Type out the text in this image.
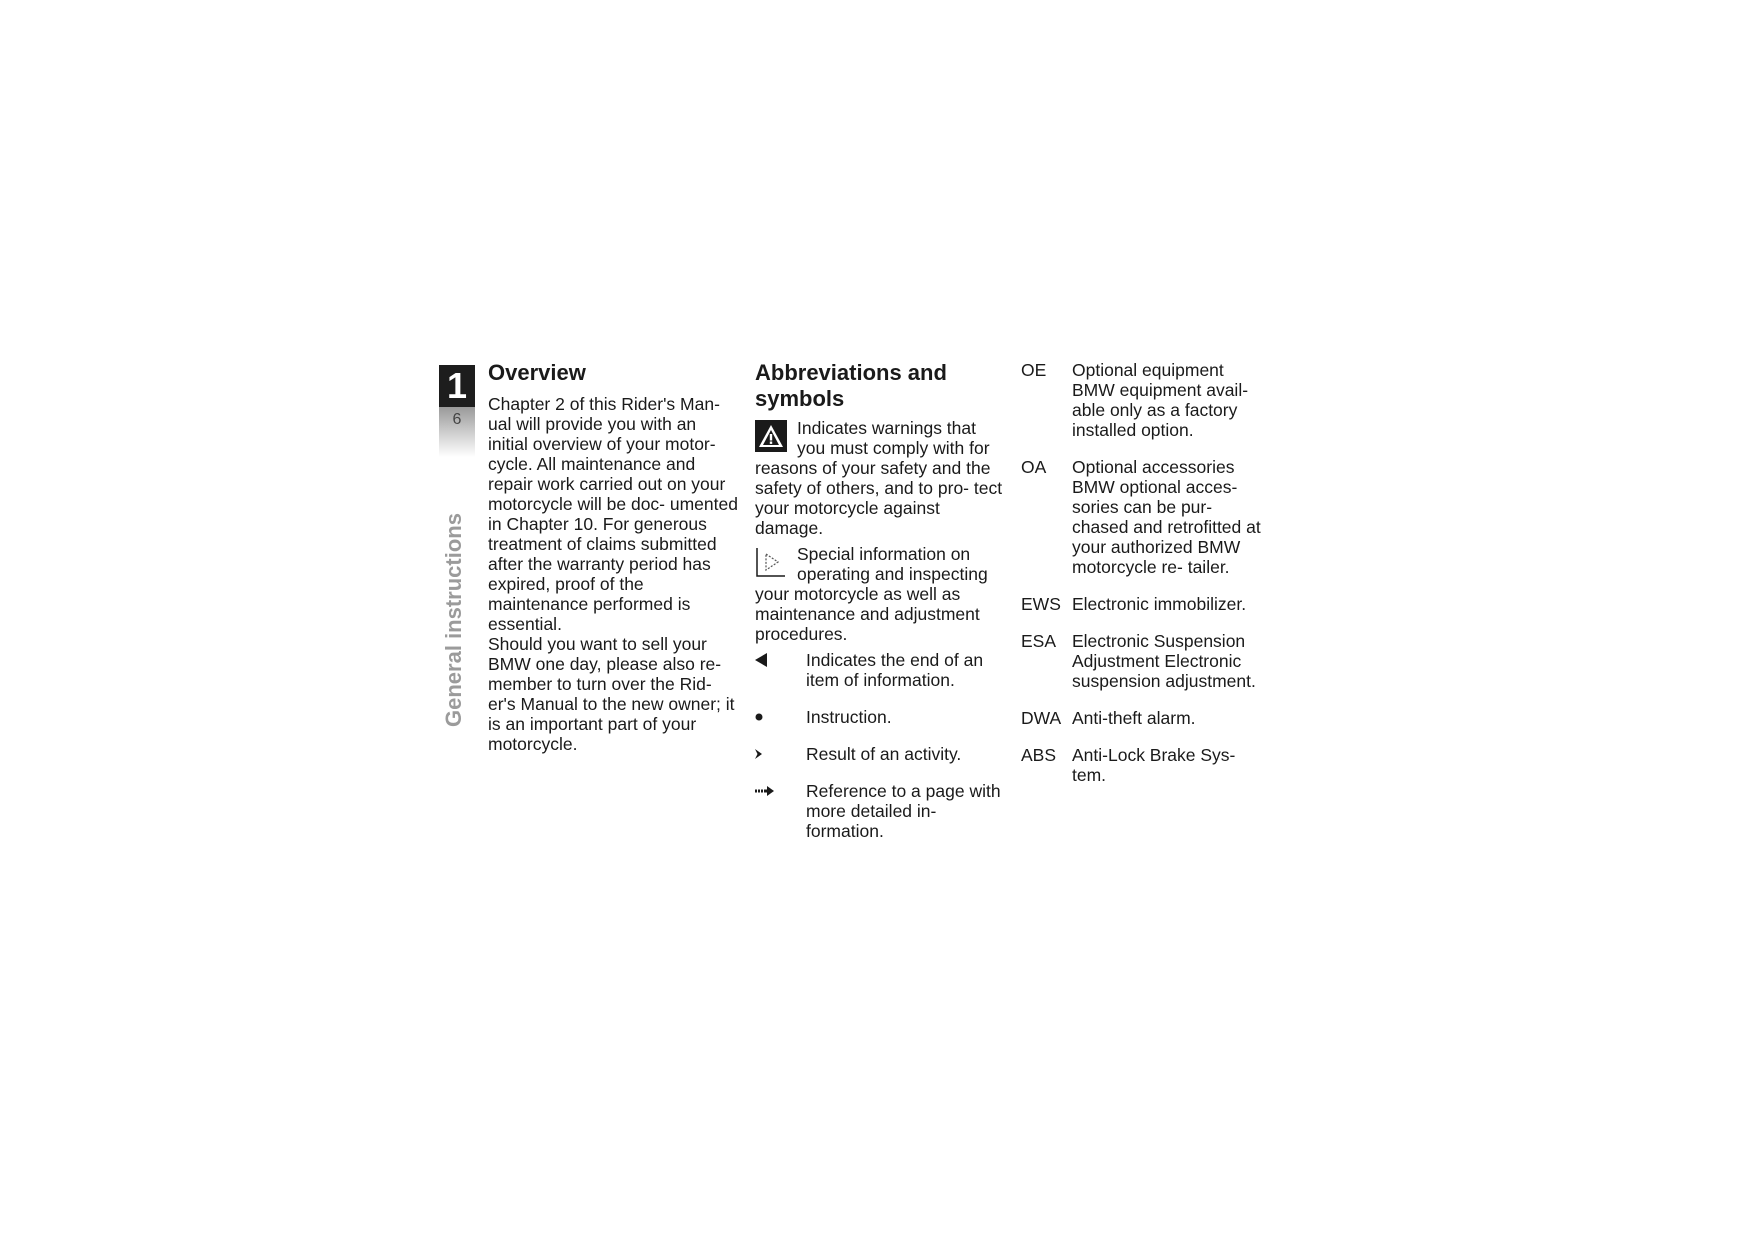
1
6
General instructions
Overview

Chapter 2 of this Rider's Man- ual will provide you with an initial overview of your motor- cycle. All maintenance and repair work carried out on your motorcycle will be doc- umented in Chapter 10. For generous treatment of claims submitted after the warranty period has expired, proof of the maintenance performed is essential.

Should you want to sell your BMW one day, please also re- member to turn over the Rid- er's Manual to the new owner; it is an important part of your motorcycle.

Abbreviations and symbols

Indicates warnings that you must comply with for reasons of your safety and the safety of others, and to pro- tect your motorcycle against damage.

Special information on operating and inspecting your motorcycle as well as maintenance and adjustment procedures.

Indicates the end of an item of information.
Instruction.
Result of an activity.
Reference to a page with more detailed in- formation.
OE	Optional equipment BMW equipment avail- able only as a factory installed option.
OA	Optional accessories BMW optional acces- sories can be pur- chased and retrofitted at your authorized BMW motorcycle re- tailer.
EWS Electronic immobilizer.
ESA Electronic Suspension Adjustment Electronic suspension adjustment.
DWA Anti-theft alarm.
ABS Anti-Lock Brake Sys- tem.
